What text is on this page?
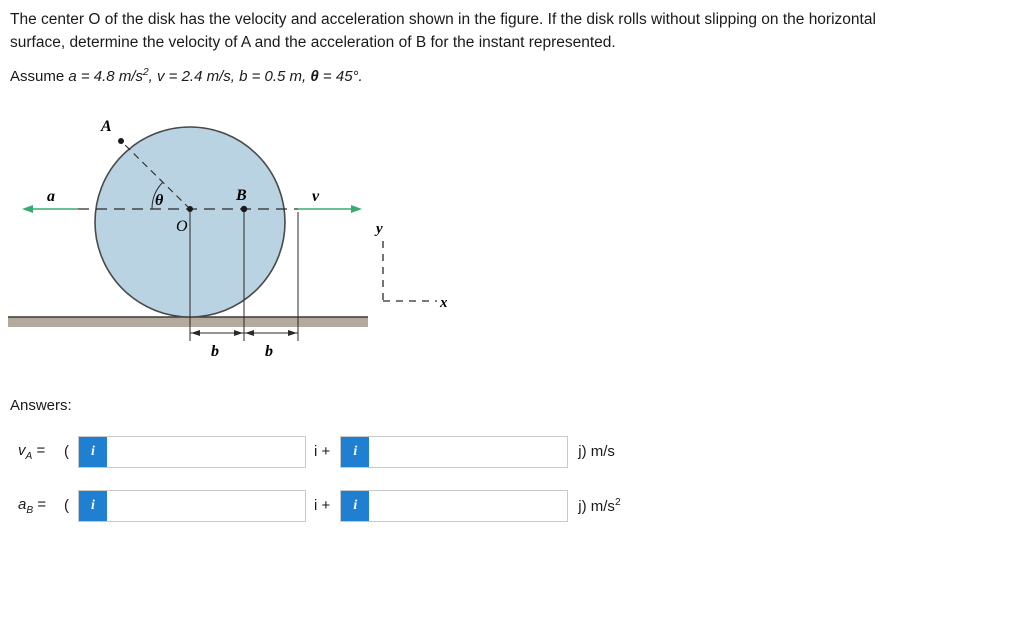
The center O of the disk has the velocity and acceleration shown in the figure. If the disk rolls without slipping on the horizontal
surface, determine the velocity of A and the acceleration of B for the instant represented.
Assume a = 4.8 $m/s^2$, v = 2.4 m/s, b = 0.5 m, θ = 45°.
O
A
B
θ
a	v
b	b
y
x
Answers:
$v_A$ =	(	i	i +	i	j) m/s
$a_B$ =	(	i	i +	i	j) $m/s^2$
